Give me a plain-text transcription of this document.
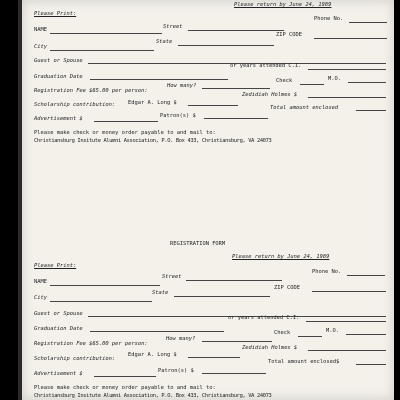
Please Print:
Please return by June 24, 1989
NAME	Street
Phone No.
City
State
ZIP CODE
Guest or Spouse
Graduation Date
or years attended C.I.
Registration Fee $65.00 per person:
How many?
Check	M.O.
Scholarship contribution: Edgar A. Long $
Zedidiah Holmes $
Advertisement $	Patron(s) $
Total amount enclosed
Please make check or money order payable to and mail to:
Christiansburg Insitute Alumni Association, P.O. Box 433, Christiansburg, VA 24073
REGISTRATION FORM
Please Print:
Please return by June 24, 1989
NAME
Street
Phone No.
City
State
ZIP CODE
Guest or Spouse
Graduation Date
or years attended C.I.
Registration Fee $65.00 per person:
How many?
Check	M.O.
Scholarship contribution:
Edgar A. Long $
Zedidiah Holmes $
Advertisement $	Patron(s) $
Total amount enclosed$
Please make check or money order payable to and mail to:
Christiansburg Insitute Alumni Association, P.O. Box 433, Christiansburg, VA 24073
